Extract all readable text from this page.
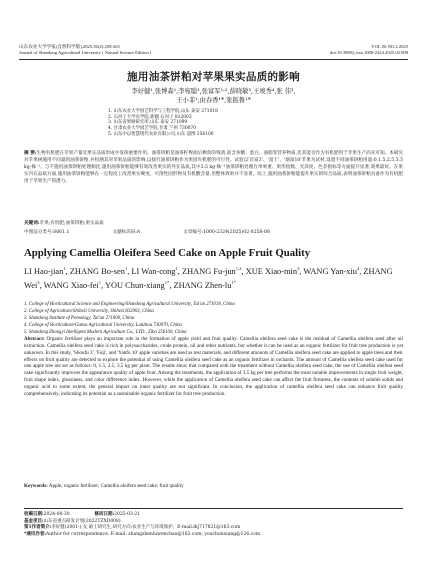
山东农业大学学报(自然科学版),2025,56(2):258-265
Journal of Shandong Agricultural University ( Natural Science Edition )
VOL.56 NO.2 2025
doi:10.3969/j.issn.1000-2324.2025.02.008
施用油茶饼粕对苹果果实品质的影响
李好健¹,张博森¹,李宛聪¹,张富军¹˒²,薛晓敏³,王竣秀⁴,张 伟³,
王小菲¹,由春香¹*,张振鲁¹*
1. 山东农业大学园艺科学与工程学院,山东 泰安 271018
2. 石河子大学农学院,新疆 石河子 832003
3. 山东省果树研究所,山东 泰安 271099
4. 甘肃农业大学园艺学院,甘肃 兰州 730070
5. 山东中以智慧现代农业有限公司,山东 淄博 256100
摘 要:生物有机肥在苹果产量及果实品质形成中发挥重要作用。油茶饼粕是油茶籽榨油后剩余的残渣,富含多糖、蛋白、油脂等营养物质,但其能否作为有机肥用于苹果生产尚未可知。本研究对苹果树施用不同量的油茶饼粕,并检测其对苹果品质的影响,以探究油茶饼粕作为果园有机肥的可行性。试验以'首富3'、'富士'、'烟富10'苹果为试材,设置不同油茶饼粕用量:0,1.5,2.5,3.5 kg·株⁻¹。与不施用油茶饼粕处理相比,施用油茶饼粕能够有效改善果实的外在品质,其中3.5 kg·株⁻¹油茶饼粕处理在单果重、果形指数、光泽度、色差指标等方面提升显著,效果最好。在果实内在品质方面,施用油茶饼粕能够在一定程度上改善果实硬度、可溶性固形物及有机酸含量,但整体效果并不显著。综上,施用油茶饼粕能提升果实的综合品质,表明油茶饼粕具备作为有机肥用于苹果生产的潜力。
关键词:苹果;有机肥;油茶饼粕;果实品质
中图法分类号:S661.1	文献标识码:A	文章编号:1000-2324(2025)02-0258-08
Applying Camellia Oleifera Seed Cake on Apple Fruit Quality
LI Hao-jian$^1$, ZHANG Bo-sen$^1$, LI Wan-cong$^1$, ZHANG Fu-jun$^{1,2}$, XUE Xiao-$\min^3$, WANG Yan-xiu$^4$, ZHANG Wei$^3$, WANG Xiao-fei$^1$, YOU Chun-xiang$^{1*}$, ZHANG Zhen-$lu^{1*}$
1. College of Horticultural Science and Engineering/Shandong Agricultural University, Tai'an 271018, China
2. College of Agriculture/Shihezi University, Shihezi 832003, China
3. Shandong Institute of Pomology, Tai'an 271000, China
4. College of Horticulture/Gansu Agricultural University, Lanzhou 730070, China
5. Shandong Zhongyi Intelligent Modern Agriculture Co., LTD., Zibo 256100, China
Abstract: Organic fertilizer plays an important role in the formation of apple yield and fruit quality. Camellia oleifera seed cake is the residual of Camellia oleifera seed after oil extraction. Camellia oleifera seed cake is rich in polysaccharides, crude protein, oil and other nutrients, but whether it can be used as an organic fertilizer for fruit tree production is yet unknown. In this study, 'Shoufu 3', 'Fuji', and 'Yanfu 10' apple varieties are used as test materials, and different amounts of Camellia oleifera seed cake are applied to apple trees and their effects on fruit quality are detected to explore the potential of using Camellia oleifera seed cake as an organic fertilizer in orchards. The amount of Camellia oleifera seed cake used for one apple tree are set as follows: 0, 1.5, 2.5, 3.5 kg per plant. The results show that compared with the treatment without Camellia oleifera seed cake, the use of Camellia oleifera seed cake significantly improves the appearance quality of apple fruit. Among the treatments, the application of 3.5 kg per tree performs the most notable improvements in single fruit weight, fruit shape index, glossiness, and color difference index. However, while the application of Camellia oleifera seed cake can affect the fruit firmness, the contents of soluble solids and organic acid to some extent, the general impact on inner quality are not significant. In conclusion, the application of camellia oleifera seed cake can enhance fruit quality comprehensively, indicating its potential as a sustainable organic fertilizer for fruit tree production.
Keywords: Apple; organic fertilizer; Camellia oleifera seed cake; fruit quality
收稿日期:2024-08-30	修回日期:2025-03-21
基金项目:山东省重点研发计划(2022TZXD008)
第1作者简介:李好健(2001-),女,硕士研究生,研究方向:农业生产与环境保护。E-mail:lhj717821@163.com
*通讯作者:Author for correspondence. E-mail: zhangzhenluwenchao@163.com; youchunxiang@126.com
